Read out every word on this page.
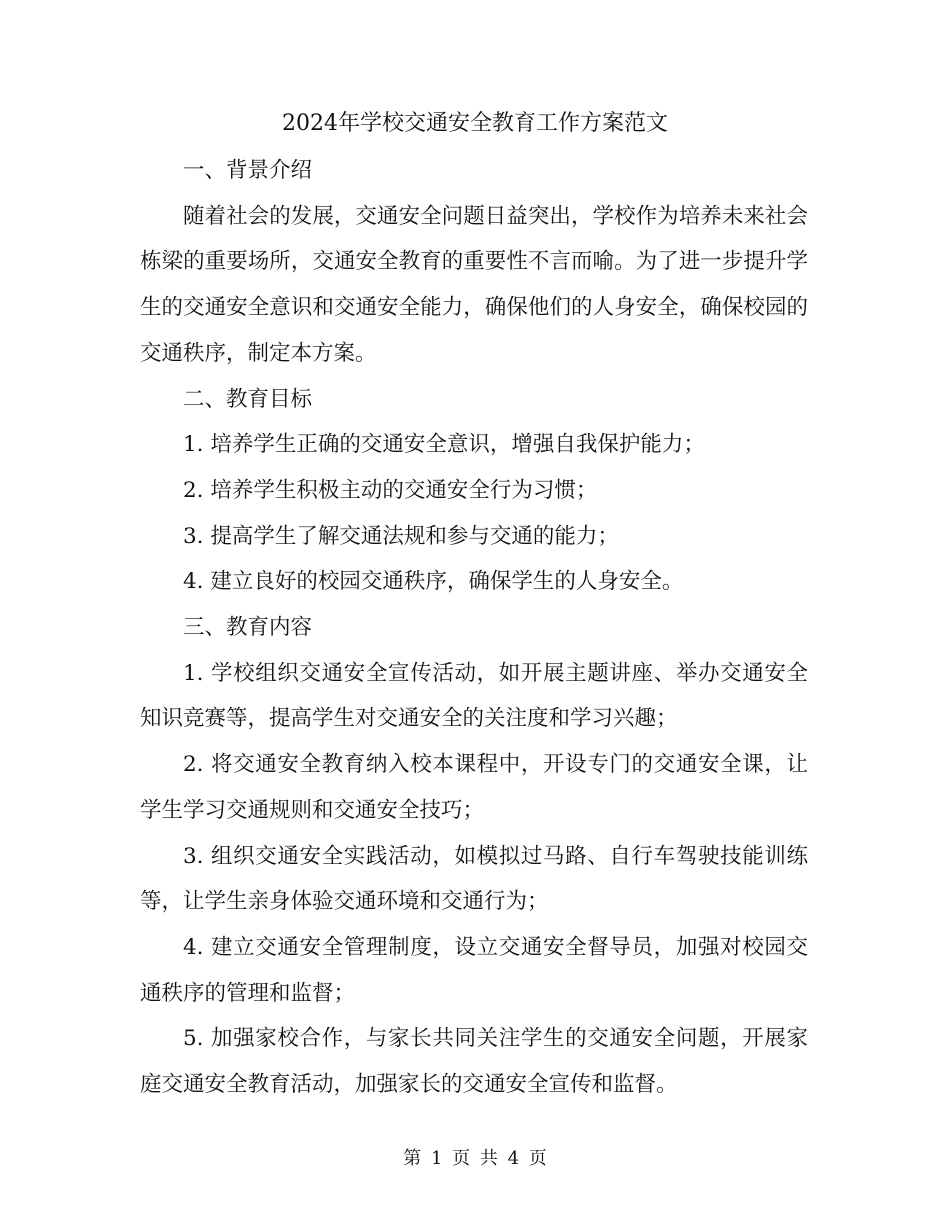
2024年学校交通安全教育工作方案范文

一、背景介绍

随着社会的发展，交通安全问题日益突出，学校作为培养未来社会栋梁的重要场所，交通安全教育的重要性不言而喻。为了进一步提升学生的交通安全意识和交通安全能力，确保他们的人身安全，确保校园的交通秩序，制定本方案。

二、教育目标

1. 培养学生正确的交通安全意识，增强自我保护能力；

2. 培养学生积极主动的交通安全行为习惯；

3. 提高学生了解交通法规和参与交通的能力；

4. 建立良好的校园交通秩序，确保学生的人身安全。

三、教育内容

1. 学校组织交通安全宣传活动，如开展主题讲座、举办交通安全知识竞赛等，提高学生对交通安全的关注度和学习兴趣；

2. 将交通安全教育纳入校本课程中，开设专门的交通安全课，让学生学习交通规则和交通安全技巧；

3. 组织交通安全实践活动，如模拟过马路、自行车驾驶技能训练等，让学生亲身体验交通环境和交通行为；

4. 建立交通安全管理制度，设立交通安全督导员，加强对校园交通秩序的管理和监督；

5. 加强家校合作，与家长共同关注学生的交通安全问题，开展家庭交通安全教育活动，加强家长的交通安全宣传和监督。

第 1 页 共 4 页
